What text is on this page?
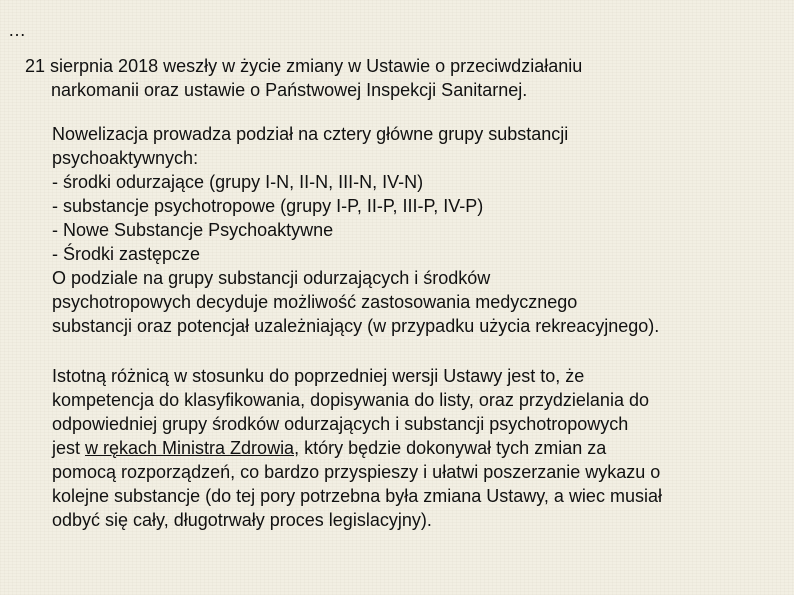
…
21 sierpnia 2018 weszły w życie zmiany w Ustawie o przeciwdziałaniu
narkomanii oraz ustawie o Państwowej Inspekcji Sanitarnej.
Nowelizacja prowadza podział na cztery główne grupy substancji
psychoaktywnych:
- środki odurzające (grupy I-N, II-N, III-N, IV-N)
- substancje psychotropowe (grupy I-P, II-P, III-P, IV-P)
- Nowe Substancje Psychoaktywne
- Środki zastępcze
O podziale na grupy substancji odurzających i środków
psychotropowych decyduje możliwość zastosowania medycznego
substancji oraz potencjał uzależniający (w przypadku użycia rekreacyjnego).
Istotną różnicą w stosunku do poprzedniej wersji Ustawy jest to, że
kompetencja do klasyfikowania, dopisywania do listy, oraz przydzielania do
odpowiedniej grupy środków odurzających i substancji psychotropowych
jest w rękach Ministra Zdrowia, który będzie dokonywał tych zmian za
pomocą rozporządzeń, co bardzo przyspieszy i ułatwi poszerzanie wykazu o
kolejne substancje (do tej pory potrzebna była zmiana Ustawy, a wiec musiał
odbyć się cały, długotrwały proces legislacyjny).
